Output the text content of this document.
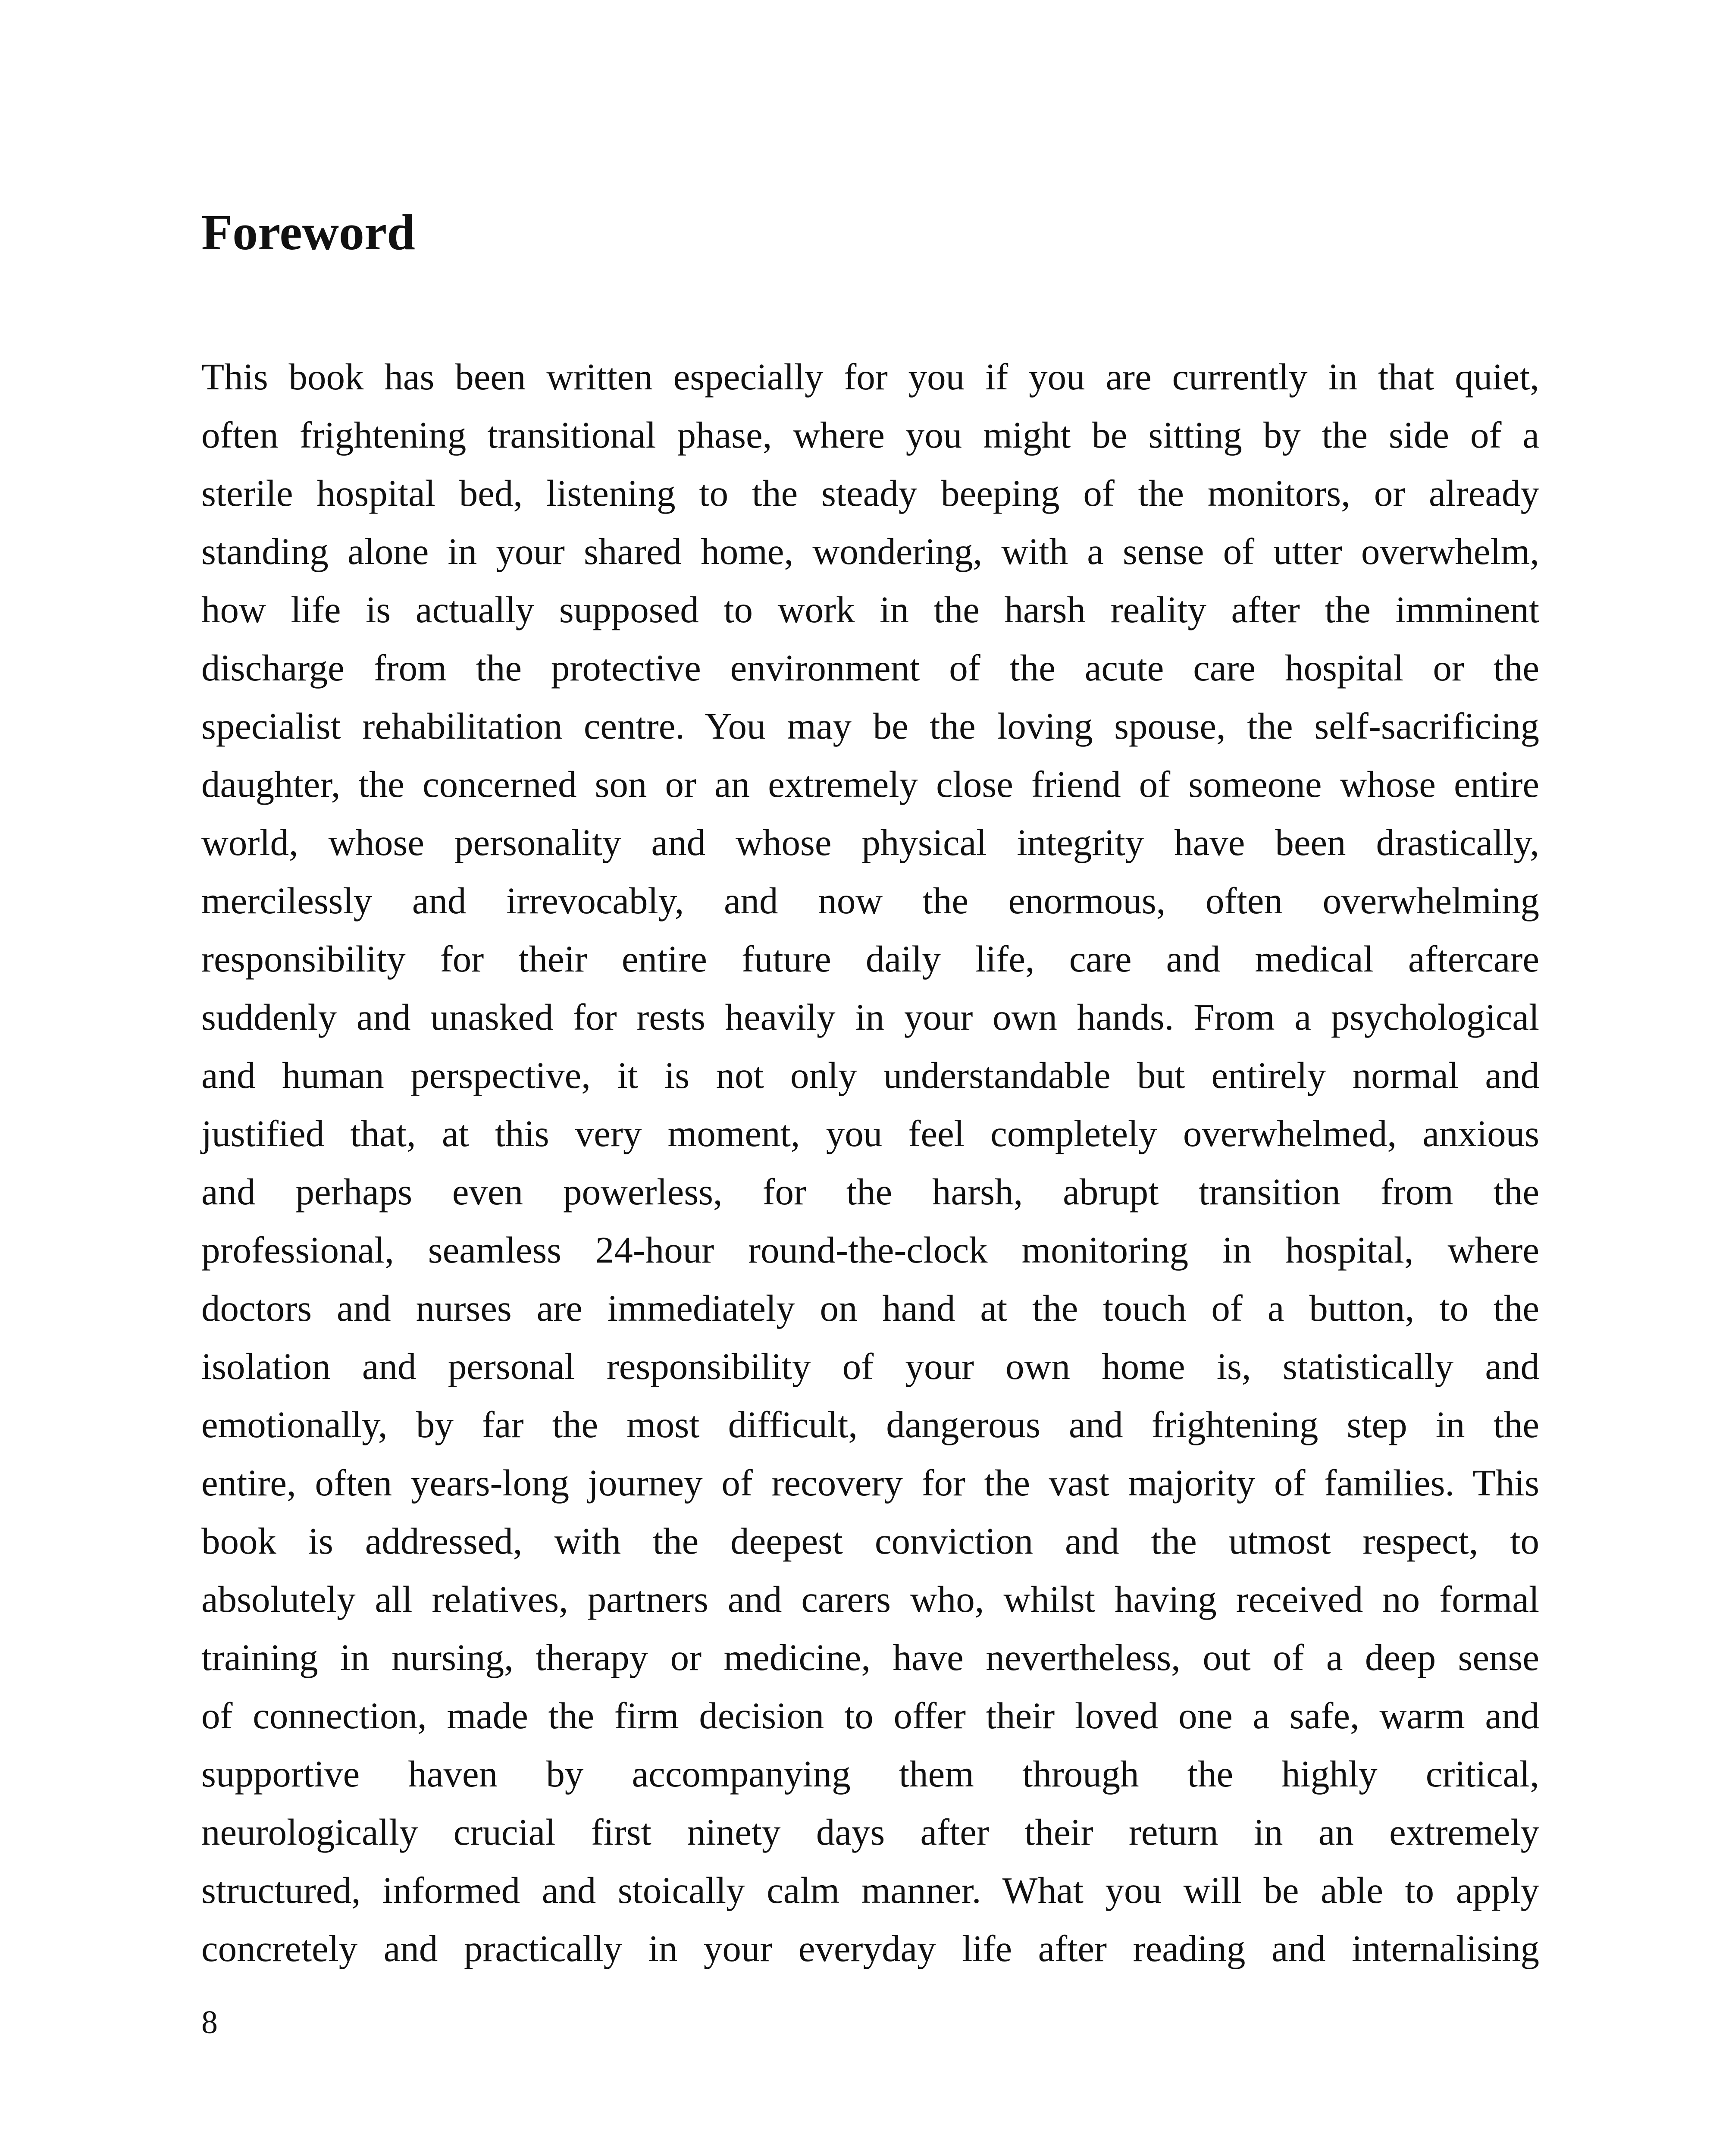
Foreword
This book has been written especially for you if you are currently in that quiet,
often frightening transitional phase, where you might be sitting by the side of a
sterile hospital bed, listening to the steady beeping of the monitors, or already
standing alone in your shared home, wondering, with a sense of utter overwhelm,
how life is actually supposed to work in the harsh reality after the imminent
discharge from the protective environment of the acute care hospital or the
specialist rehabilitation centre. You may be the loving spouse, the self-sacrificing
daughter, the concerned son or an extremely close friend of someone whose entire
world, whose personality and whose physical integrity have been drastically,
mercilessly and irrevocably, and now the enormous, often overwhelming
responsibility for their entire future daily life, care and medical aftercare
suddenly and unasked for rests heavily in your own hands. From a psychological
and human perspective, it is not only understandable but entirely normal and
justified that, at this very moment, you feel completely overwhelmed, anxious
and perhaps even powerless, for the harsh, abrupt transition from the
professional, seamless 24-hour round-the-clock monitoring in hospital, where
doctors and nurses are immediately on hand at the touch of a button, to the
isolation and personal responsibility of your own home is, statistically and
emotionally, by far the most difficult, dangerous and frightening step in the
entire, often years-long journey of recovery for the vast majority of families. This
book is addressed, with the deepest conviction and the utmost respect, to
absolutely all relatives, partners and carers who, whilst having received no formal
training in nursing, therapy or medicine, have nevertheless, out of a deep sense
of connection, made the firm decision to offer their loved one a safe, warm and
supportive haven by accompanying them through the highly critical,
neurologically crucial first ninety days after their return in an extremely
structured, informed and stoically calm manner. What you will be able to apply
concretely and practically in your everyday life after reading and internalising
8
